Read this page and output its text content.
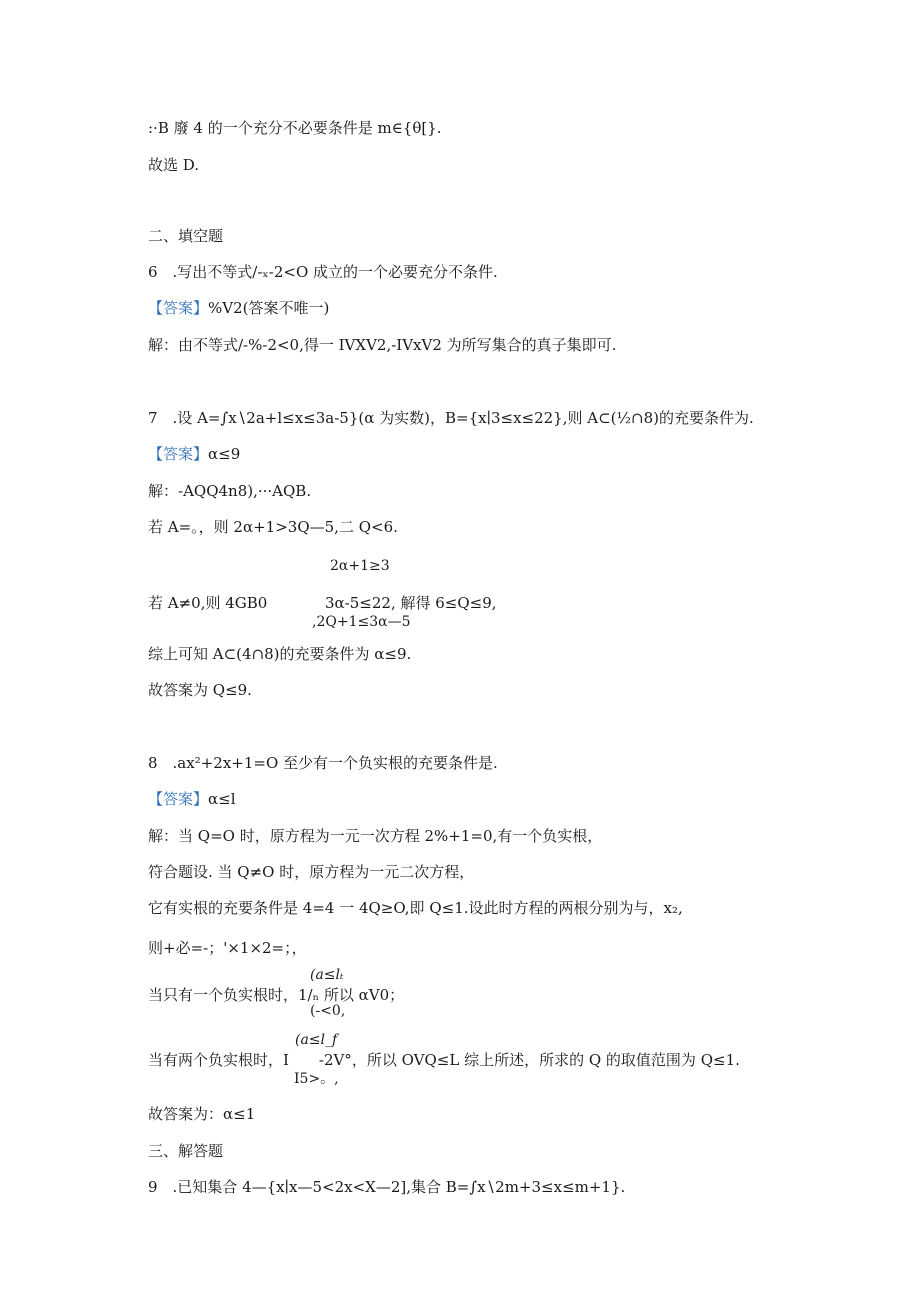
:·B 廢 4 的一个充分不必要条件是 m∈{θ[}.
故选 D.
二、填空题
6　.写出不等式/-ₓ-2<O 成立的一个必要充分不条件.
【答案】%V2(答案不唯一)
解：由不等式/-%-2<0,得一 IVXV2,-IVxV2 为所写集合的真子集即可.
7　.设 A=∫x∖2a+l≤x≤3a-5}(α 为实数)，B={x∣3≤x≤22},则 A⊂(½∩8)的充要条件为.
【答案】α≤9
解：-AQQ4n8),···AQB.
若 A=。，则 2α+1>3Q—5,二 Q<6.
2α+1≥3
若 A≠0,则 4GB0	3α-5≤22, 解得 6≤Q≤9,
,2Q+1≤3α—5
综上可知 A⊂(4∩8)的充要条件为 α≤9.
故答案为 Q≤9.
8　.ax²+2x+1=O 至少有一个负实根的充要条件是.
【答案】α≤l
解：当 Q=O 时，原方程为一元一次方程 2%+1=0,有一个负实根，
符合题设. 当 Q≠O 时，原方程为一元二次方程，
它有实根的充要条件是 4=4 一 4Q≥O,即 Q≤1.设此时方程的两根分别为与，x₂,
则+必=-；'×1×2=；，
(a≤lₜ
当只有一个负实根时，1/ₙ 所以 αV0；
(-<0,
(a≤l_f
当有两个负实根时，I　　-2V°，所以 OVQ≤L 综上所述，所求的 Q 的取值范围为 Q≤1.
I5>。,
故答案为：α≤1
三、解答题
9　.已知集合 4—{x∣x—5<2x<X—2],集合 B=∫x∖2m+3≤x≤m+1}.
